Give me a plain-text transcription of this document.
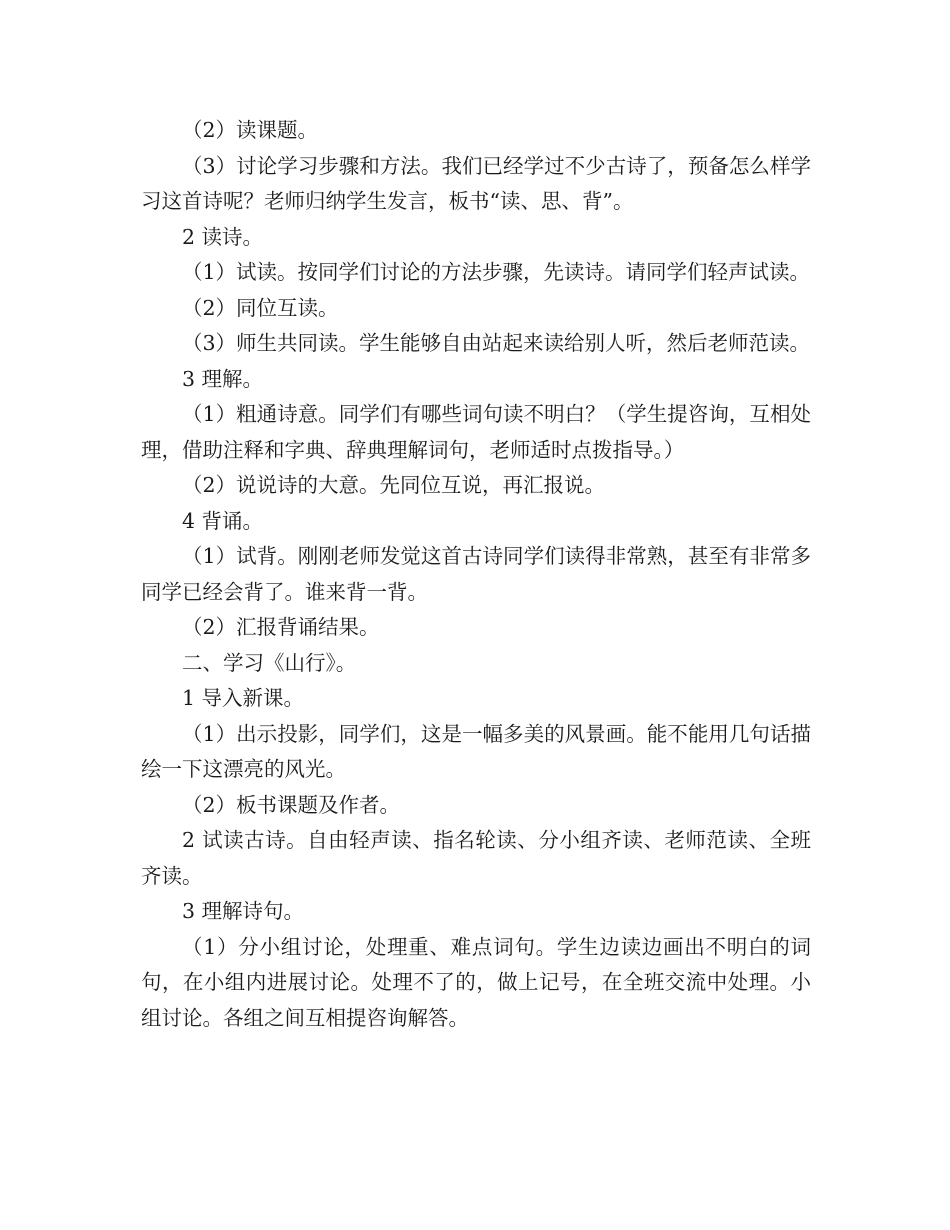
（2）读课题。

（3）讨论学习步骤和方法。我们已经学过不少古诗了，预备怎么样学习这首诗呢？老师归纳学生发言，板书“读、思、背”。

2 读诗。

（1）试读。按同学们讨论的方法步骤，先读诗。请同学们轻声试读。

（2）同位互读。

（3）师生共同读。学生能够自由站起来读给别人听，然后老师范读。

3 理解。

（1）粗通诗意。同学们有哪些词句读不明白？（学生提咨询，互相处理，借助注释和字典、辞典理解词句，老师适时点拨指导。）

（2）说说诗的大意。先同位互说，再汇报说。

4 背诵。

（1）试背。刚刚老师发觉这首古诗同学们读得非常熟，甚至有非常多同学已经会背了。谁来背一背。

（2）汇报背诵结果。

二、学习《山行》。

1 导入新课。

（1）出示投影，同学们，这是一幅多美的风景画。能不能用几句话描绘一下这漂亮的风光。

（2）板书课题及作者。

2 试读古诗。自由轻声读、指名轮读、分小组齐读、老师范读、全班齐读。

3 理解诗句。

（1）分小组讨论，处理重、难点词句。学生边读边画出不明白的词句，在小组内进展讨论。处理不了的，做上记号，在全班交流中处理。小组讨论。各组之间互相提咨询解答。
